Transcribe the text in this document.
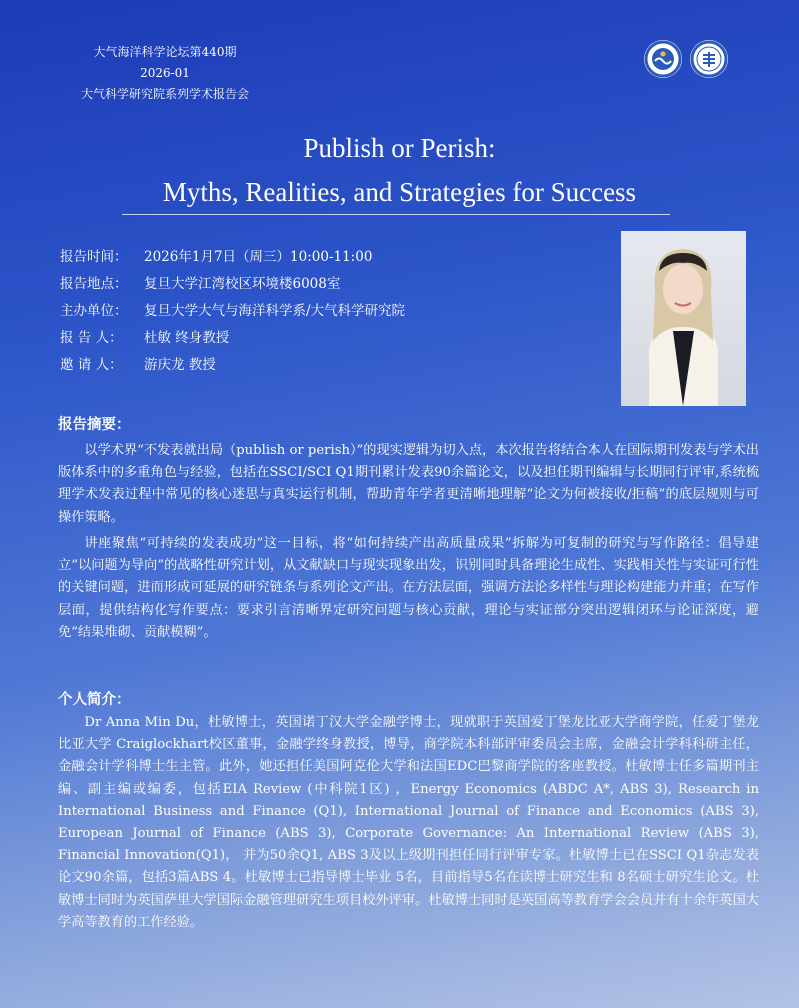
大气海洋科学论坛第440期
2026-01
大气科学研究院系列学术报告会
Publish or Perish:
Myths, Realities, and Strategies for Success
报告时间： 2026年1月7日（周三）10:00-11:00
报告地点： 复旦大学江湾校区环境楼6008室
主办单位： 复旦大学大气与海洋科学系/大气科学研究院
报 告 人： 杜敏 终身教授
邀 请 人： 游庆龙 教授
报告摘要：

以学术界“不发表就出局（publish or perish）”的现实逻辑为切入点，本次报告将结合本人在国际期刊发表与学术出版体系中的多重角色与经验，包括在SSCI/SCI Q1期刊累计发表90余篇论文，以及担任期刊编辑与长期同行评审,系统梳理学术发表过程中常见的核心迷思与真实运行机制，帮助青年学者更清晰地理解“论文为何被接收/拒稿”的底层规则与可操作策略。

讲座聚焦“可持续的发表成功”这一目标，将“如何持续产出高质量成果”拆解为可复制的研究与写作路径：倡导建立“以问题为导向”的战略性研究计划，从文献缺口与现实现象出发，识别同时具备理论生成性、实践相关性与实证可行性的关键问题，进而形成可延展的研究链条与系列论文产出。在方法层面，强调方法论多样性与理论构建能力并重；在写作层面，提供结构化写作要点：要求引言清晰界定研究问题与核心贡献，理论与实证部分突出逻辑闭环与论证深度，避免“结果堆砌、贡献模糊”。

个人简介：

Dr Anna Min Du，杜敏博士，英国诺丁汉大学金融学博士，现就职于英国爱丁堡龙比亚大学商学院，任爱丁堡龙比亚大学 Craiglockhart校区董事，金融学终身教授，博导，商学院本科部评审委员会主席，金融会计学科科研主任，金融会计学科博士生主管。此外，她还担任美国阿克伦大学和法国EDC巴黎商学院的客座教授。杜敏博士任多篇期刊主编、副主编或编委，包括EIA Review (中科院1区) ，Energy Economics (ABDC A*, ABS 3), Research in International Business and Finance (Q1), International Journal of Finance and Economics (ABS 3), European Journal of Finance (ABS 3), Corporate Governance: An International Review (ABS 3), Financial Innovation(Q1)， 并为50余Q1, ABS 3及以上级期刊担任同行评审专家。杜敏博士已在SSCI Q1杂志发表论文90余篇，包括3篇ABS 4。杜敏博士已指导博士毕业 5名，目前指导5名在读博士研究生和 8名硕士研究生论文。杜敏博士同时为英国萨里大学国际金融管理研究生项目校外评审。杜敏博士同时是英国高等教育学会会员并有十余年英国大学高等教育的工作经验。
